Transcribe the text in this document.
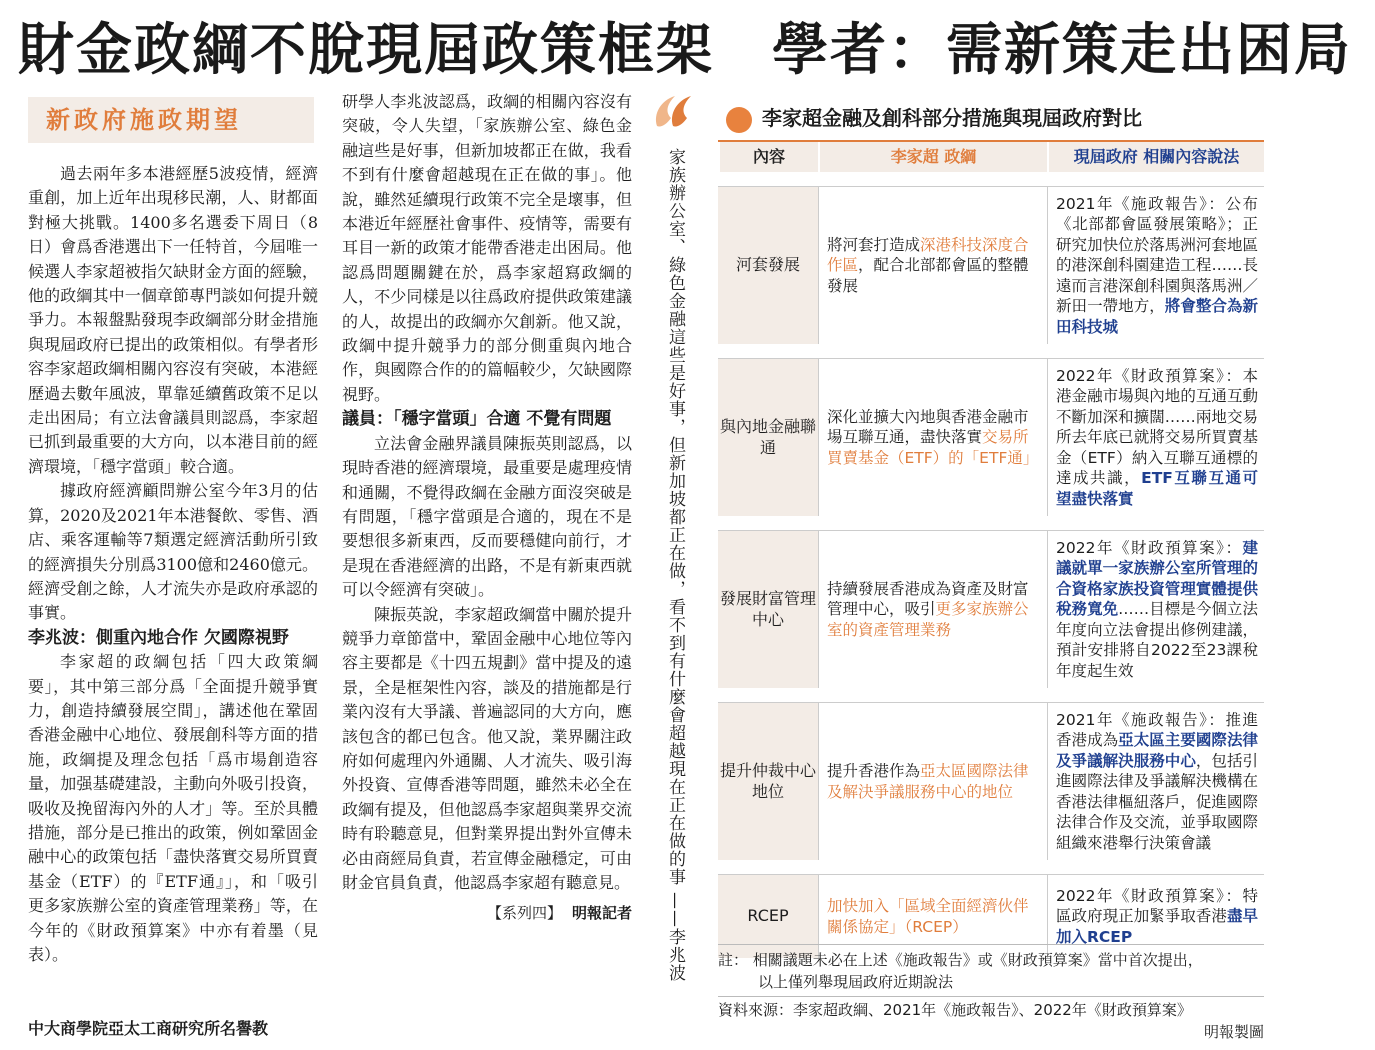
財金政綱不脫現屆政策框架　學者：需新策走出困局
新政府施政期望

過去兩年多本港經歷5波疫情，經濟重創，加上近年出現移民潮，人、財都面對極大挑戰。1400多名選委下周日（8日）會爲香港選出下一任特首，今屆唯一候選人李家超被指欠缺財金方面的經驗，他的政綱其中一個章節專門談如何提升競爭力。本報盤點發現李政綱部分財金措施與現屆政府已提出的政策相似。有學者形容李家超政綱相關內容沒有突破，本港經歷過去數年風波，單靠延續舊政策不足以走出困局；有立法會議員則認爲，李家超已抓到最重要的大方向，以本港目前的經濟環境，「穩字當頭」較合適。

據政府經濟顧問辦公室今年3月的估算，2020及2021年本港餐飲、零售、酒店、乘客運輸等7類選定經濟活動所引致的經濟損失分別爲3100億和2460億元。經濟受創之餘，人才流失亦是政府承認的事實。

李兆波：側重內地合作 欠國際視野

李家超的政綱包括「四大政策綱要」，其中第三部分爲「全面提升競爭實力，創造持續發展空間」，講述他在鞏固香港金融中心地位、發展創科等方面的措施，政綱提及理念包括「爲市場創造容量，加强基礎建設，主動向外吸引投資，吸收及挽留海內外的人才」等。至於具體措施，部分是已推出的政策，例如鞏固金融中心的政策包括「盡快落實交易所買賣基金（ETF）的『ETF通』」，和「吸引更多家族辦公室的資產管理業務」等，在今年的《財政預算案》中亦有着墨（見表）。

中大商學院亞太工商研究所名譽教

研學人李兆波認爲，政綱的相關內容沒有突破，令人失望，「家族辦公室、綠色金融這些是好事，但新加坡都正在做，我看不到有什麼會超越現在正在做的事」。他說，雖然延續現行政策不完全是壞事，但本港近年經歷社會事件、疫情等，需要有耳目一新的政策才能帶香港走出困局。他認爲問題關鍵在於，爲李家超寫政綱的人，不少同樣是以往爲政府提供政策建議的人，故提出的政綱亦欠創新。他又說，政綱中提升競爭力的部分側重與內地合作，與國際合作的的篇幅較少，欠缺國際視野。

議員：「穩字當頭」合適 不覺有問題

立法會金融界議員陳振英則認爲，以現時香港的經濟環境，最重要是處理疫情和通關，不覺得政綱在金融方面沒突破是有問題，「穩字當頭是合適的，現在不是要想很多新東西，反而要穩健向前行，才是現在香港經濟的出路，不是有新東西就可以令經濟有突破」。

陳振英說，李家超政綱當中關於提升競爭力章節當中，鞏固金融中心地位等內容主要都是《十四五規劃》當中提及的遠景，全是框架性內容，談及的措施都是行業內沒有大爭議、普遍認同的大方向，應該包含的都已包含。他又說，業界關注政府如何處理內外通關、人才流失、吸引海外投資、宣傳香港等問題，雖然未必全在政綱有提及，但他認爲李家超與業界交流時有聆聽意見，但對業界提出對外宣傳未必由商經局負責，若宣傳金融穩定，可由財金官員負責，他認爲李家超有聽意見。

【系列四】 明報記者

家族辦公室、綠色金融這些是好事，但新加坡都正在做，看不到有什麼會超越現在正在做的事——李兆波
李家超金融及創科部分措施與現屆政府對比
內容	李家超 政綱	現屆政府 相關內容說法

河套發展	將河套打造成深港科技深度合作區，配合北部都會區的整體發展	2021年《施政報告》：公布《北部都會區發展策略》；正研究加快位於落馬洲河套地區的港深創科園建造工程……長遠而言港深創科園與落馬洲／新田一帶地方，將會整合為新田科技城

與內地金融聯通	深化並擴大內地與香港金融市場互聯互通，盡快落實交易所買賣基金（ETF）的「ETF通」	2022年《財政預算案》：本港金融市場與內地的互通互動不斷加深和擴闊……兩地交易所去年底已就將交易所買賣基金（ETF）納入互聯互通標的達成共識，ETF互聯互通可望盡快落實

發展財富管理中心	持續發展香港成為資產及財富管理中心，吸引更多家族辦公室的資產管理業務	2022年《財政預算案》：建議就單一家族辦公室所管理的合資格家族投資管理實體提供稅務寬免……目標是今個立法年度向立法會提出修例建議，預計安排將自2022至23課稅年度起生效

提升仲裁中心地位	提升香港作為亞太區國際法律及解決爭議服務中心的地位	2021年《施政報告》：推進香港成為亞太區主要國際法律及爭議解決服務中心，包括引進國際法律及爭議解決機構在香港法律樞紐落戶，促進國際法律合作及交流，並爭取國際組織來港舉行決策會議

RCEP	加快加入「區域全面經濟伙伴關係協定」（RCEP）	2022年《財政預算案》：特區政府現正加緊爭取香港盡早加入RCEP
註： 相關議題未必在上述《施政報告》或《財政預算案》當中首次提出，
以上僅列舉現屆政府近期說法
資料來源：李家超政綱、2021年《施政報告》、2022年《財政預算案》
明報製圖
